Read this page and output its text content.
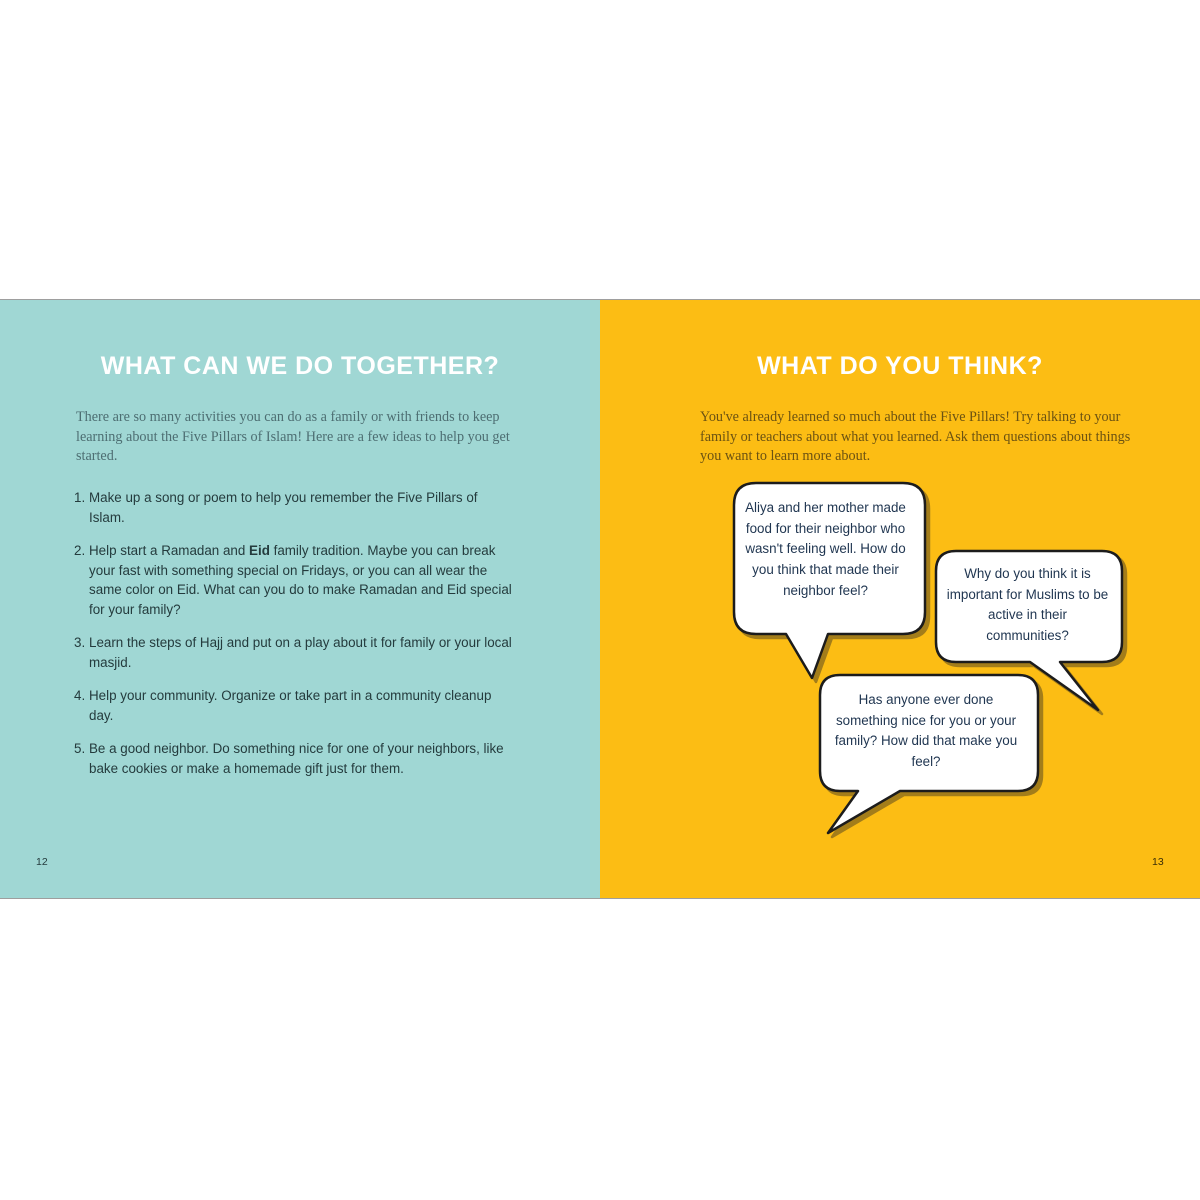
WHAT CAN WE DO TOGETHER?

There are so many activities you can do as a family or with friends to keep learning about the Five Pillars of Islam! Here are a few ideas to help you get started.

1. Make up a song or poem to help you remember the Five Pillars of Islam.
2. Help start a Ramadan and Eid family tradition. Maybe you can break your fast with something special on Fridays, or you can all wear the same color on Eid. What can you do to make Ramadan and Eid special for your family?
3. Learn the steps of Hajj and put on a play about it for family or your local masjid.
4. Help your community. Organize or take part in a community cleanup day.
5. Be a good neighbor. Do something nice for one of your neighbors, like bake cookies or make a homemade gift just for them.
12
WHAT DO YOU THINK?

You've already learned so much about the Five Pillars! Try talking to your family or teachers about what you learned. Ask them questions about things you want to learn more about.

Aliya and her mother made food for their neighbor who wasn't feeling well. How do you think that made their neighbor feel?

Why do you think it is important for Muslims to be active in their communities?

Has anyone ever done something nice for you or your family? How did that make you feel?

13
